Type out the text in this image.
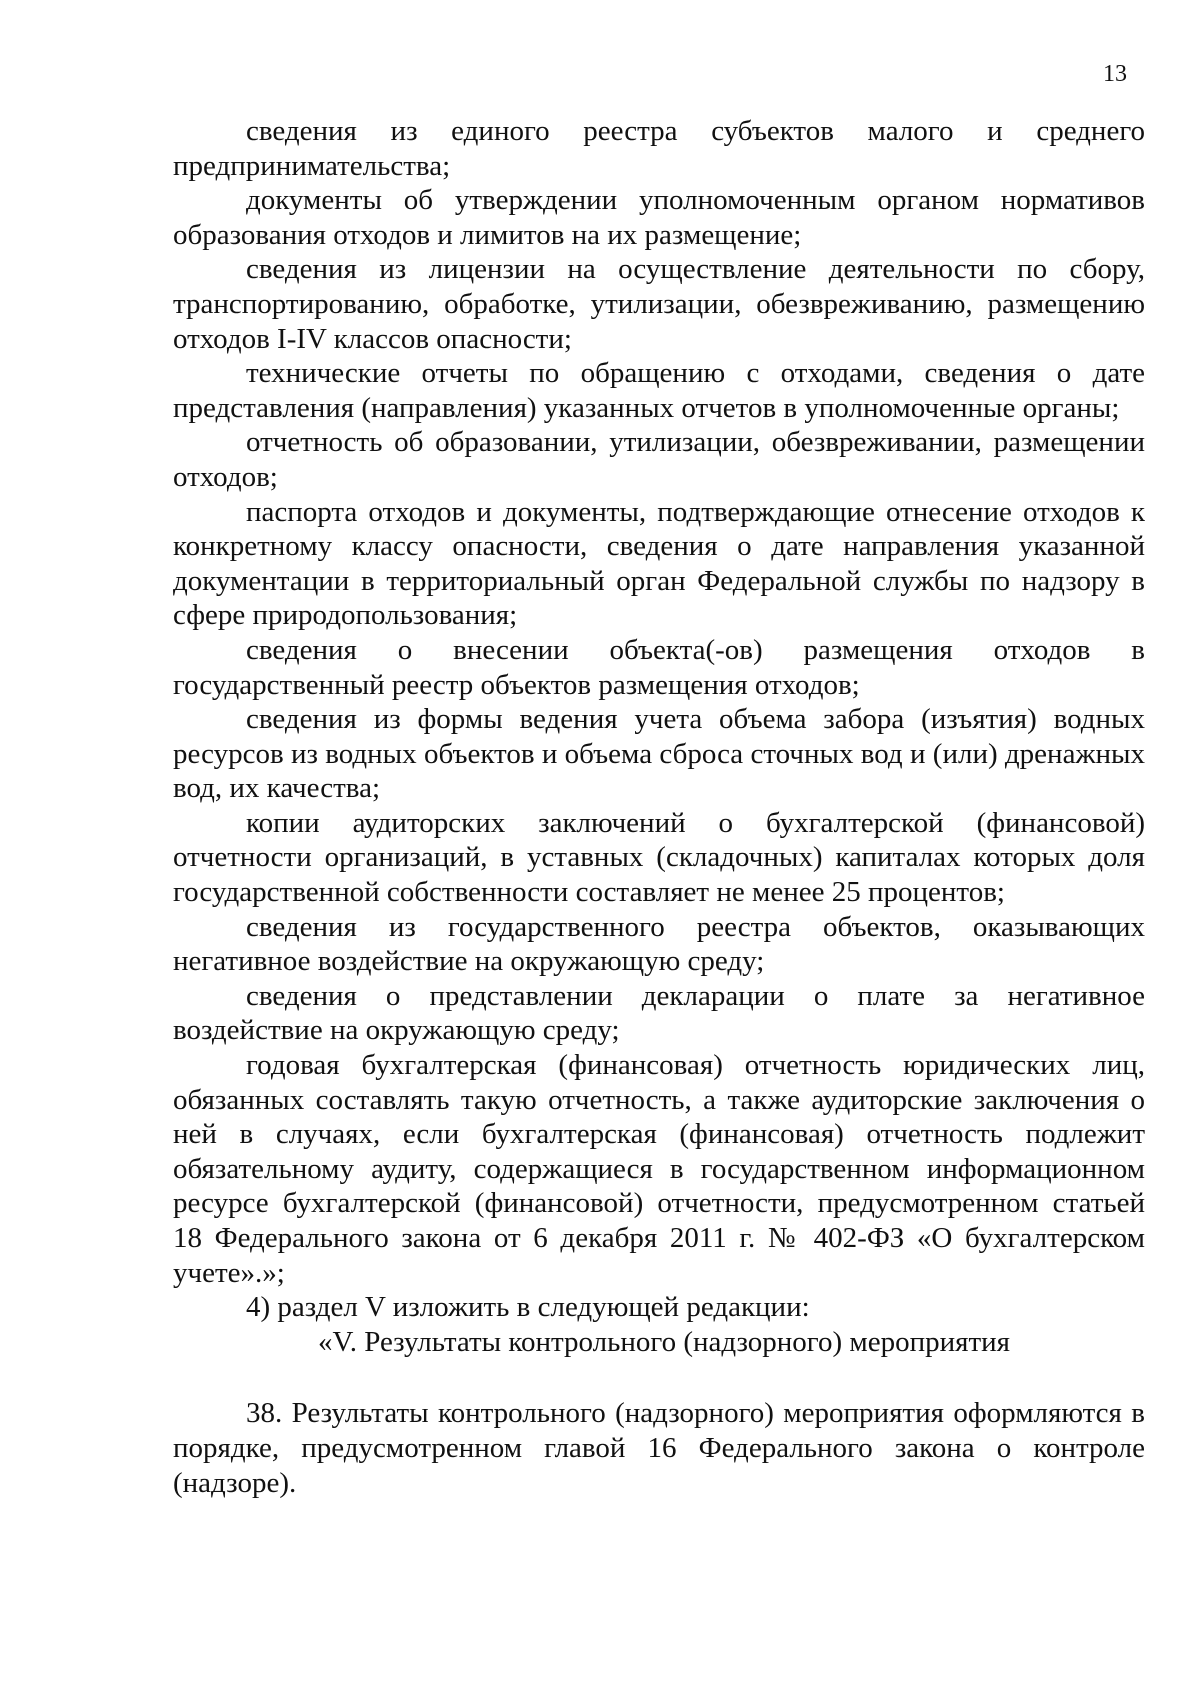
13

сведения из единого реестра субъектов малого и среднего предпринимательства;

документы об утверждении уполномоченным органом нормативов образования отходов и лимитов на их размещение;

сведения из лицензии на осуществление деятельности по сбору, транспортированию, обработке, утилизации, обезвреживанию, размещению отходов I-IV классов опасности;

технические отчеты по обращению с отходами, сведения о дате представления (направления) указанных отчетов в уполномоченные органы;

отчетность об образовании, утилизации, обезвреживании, размещении отходов;

паспорта отходов и документы, подтверждающие отнесение отходов к конкретному классу опасности, сведения о дате направления указанной документации в территориальный орган Федеральной службы по надзору в сфере природопользования;

сведения о внесении объекта(-ов) размещения отходов в государственный реестр объектов размещения отходов;

сведения из формы ведения учета объема забора (изъятия) водных ресурсов из водных объектов и объема сброса сточных вод и (или) дренажных вод, их качества;

копии аудиторских заключений о бухгалтерской (финансовой) отчетности организаций, в уставных (складочных) капиталах которых доля государственной собственности составляет не менее 25 процентов;

сведения из государственного реестра объектов, оказывающих негативное воздействие на окружающую среду;

сведения о представлении декларации о плате за негативное воздействие на окружающую среду;

годовая бухгалтерская (финансовая) отчетность юридических лиц, обязанных составлять такую отчетность, а также аудиторские заключения о ней в случаях, если бухгалтерская (финансовая) отчетность подлежит обязательному аудиту, содержащиеся в государственном информационном ресурсе бухгалтерской (финансовой) отчетности, предусмотренном статьей 18 Федерального закона от 6 декабря 2011 г. № 402-ФЗ «О бухгалтерском учете».»;

4) раздел V изложить в следующей редакции:

«V. Результаты контрольного (надзорного) мероприятия

38. Результаты контрольного (надзорного) мероприятия оформляются в порядке, предусмотренном главой 16 Федерального закона о контроле (надзоре).
